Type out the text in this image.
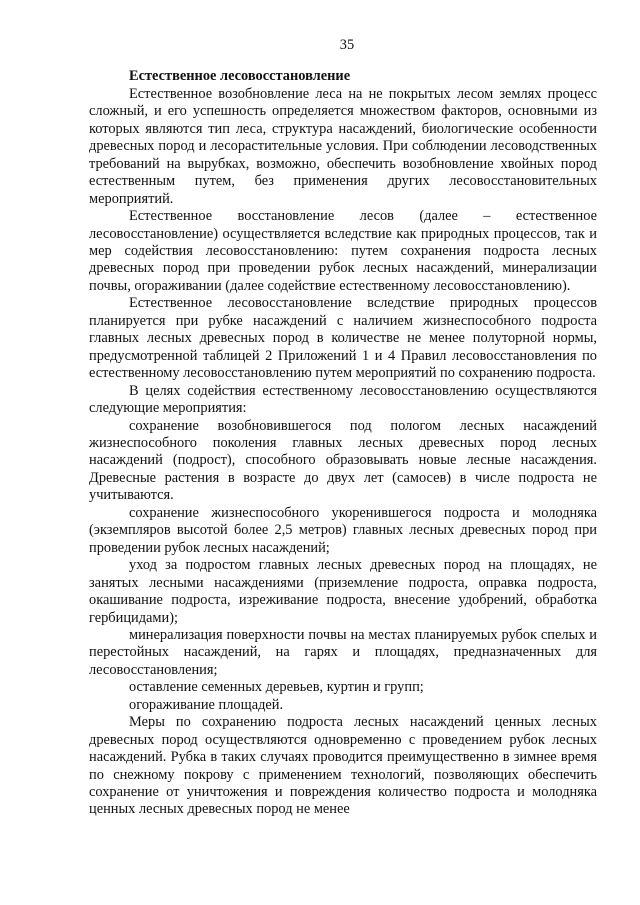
35

Естественное лесовосстановление

Естественное возобновление леса на не покрытых лесом землях процесс сложный, и его успешность определяется множеством факторов, основными из которых являются тип леса, структура насаждений, биологические особенности древесных пород и лесорастительные условия. При соблюдении лесоводственных требований на вырубках, возможно, обеспечить возобновление хвойных пород естественным путем, без применения других лесовосстановительных мероприятий.

Естественное восстановление лесов (далее – естественное лесовосстановление) осуществляется вследствие как природных процессов, так и мер содействия лесовосстановлению: путем сохранения подроста лесных древесных пород при проведении рубок лесных насаждений, минерализации почвы, огораживании (далее содействие естественному лесовосстановлению).

Естественное лесовосстановление вследствие природных процессов планируется при рубке насаждений с наличием жизнеспособного подроста главных лесных древесных пород в количестве не менее полуторной нормы, предусмотренной таблицей 2 Приложений 1 и 4 Правил лесовосстановления по естественному лесовосстановлению путем мероприятий по сохранению подроста.

В целях содействия естественному лесовосстановлению осуществляются следующие мероприятия:

сохранение возобновившегося под пологом лесных насаждений жизнеспособного поколения главных лесных древесных пород лесных насаждений (подрост), способного образовывать новые лесные насаждения. Древесные растения в возрасте до двух лет (самосев) в числе подроста не учитываются.

сохранение жизнеспособного укоренившегося подроста и молодняка (экземпляров высотой более 2,5 метров) главных лесных древесных пород при проведении рубок лесных насаждений;

уход за подростом главных лесных древесных пород на площадях, не занятых лесными насаждениями (приземление подроста, оправка подроста, окашивание подроста, изреживание подроста, внесение удобрений, обработка гербицидами);

минерализация поверхности почвы на местах планируемых рубок спелых и перестойных насаждений, на гарях и площадях, предназначенных для лесовосстановления;

оставление семенных деревьев, куртин и групп;

огораживание площадей.

Меры по сохранению подроста лесных насаждений ценных лесных древесных пород осуществляются одновременно с проведением рубок лесных насаждений. Рубка в таких случаях проводится преимущественно в зимнее время по снежному покрову с применением технологий, позволяющих обеспечить сохранение от уничтожения и повреждения количество подроста и молодняка ценных лесных древесных пород не менее
